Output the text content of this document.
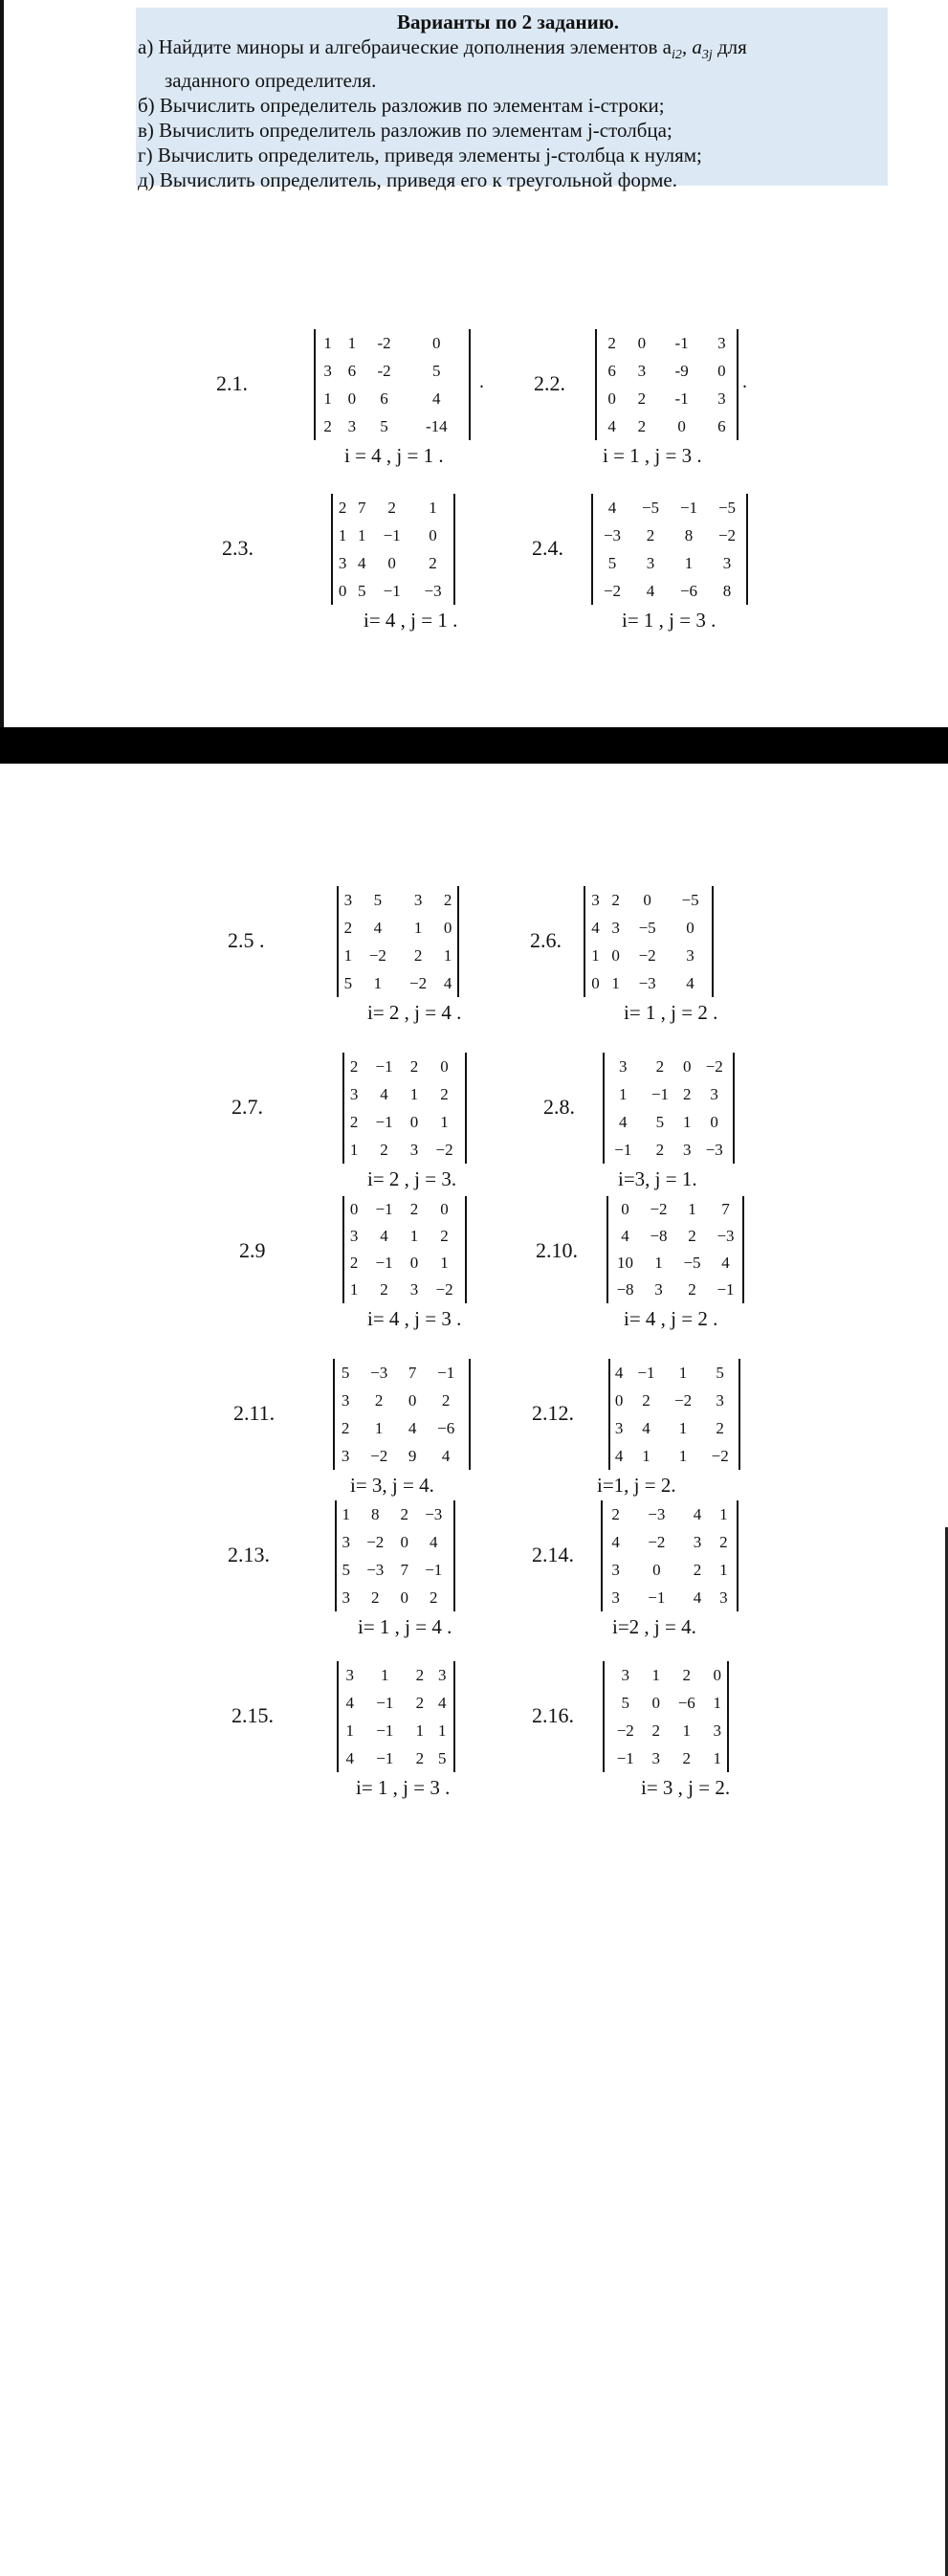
Варианты по 2 заданию.
а) Найдите миноры и алгебраические дополнения элементов $a_{i2}$, $a_{3j}$ для
заданного определителя.
б) Вычислить определитель разложив по элементам i-строки;
в) Вычислить определитель разложив по элементам j-столбца;
г) Вычислить определитель, приведя элементы j-столбца к нулям;
д) Вычислить определитель, приведя его к треугольной форме.
.	.
2.1.
1	1	-2	0
3	6	-2	5
1	0	6	4
2	3	5	-14
i = 4 , j = 1 .
2.2.
2	0	-1	3
6	3	-9	0
0	2	-1	3
4	2	0	6
i = 1 , j = 3 .
2.3.
2	7	2	1
1	1	−1	0
3	4	0	2
0	5	−1	−3
i= 4 , j = 1 .
2.4.
4	−5	−1	−5
−3	2	8	−2
5	3	1	3
−2	4	−6	8
i= 1 , j = 3 .
2.5 .
3	5	3	2
2	4	1	0
1	−2	2	1
5	1	−2	4
i= 2 , j = 4 .
2.6.
3	2	0	−5
4	3	−5	0
1	0	−2	3
0	1	−3	4
i= 1 , j = 2 .
2.7.
2	−1	2	0
3	4	1	2
2	−1	0	1
1	2	3	−2
i= 2 , j = 3.
2.8.
3	2	0	−2
1	−1	2	3
4	5	1	0
−1	2	3	−3
i=3, j = 1.
2.9
0	−1	2	0
3	4	1	2
2	−1	0	1
1	2	3	−2
i= 4 , j = 3 .
2.10.
0	−2	1	7
4	−8	2	−3
10	1	−5	4
−8	3	2	−1
i= 4 , j = 2 .
2.11.
5	−3	7	−1
3	2	0	2
2	1	4	−6
3	−2	9	4
i= 3, j = 4.
2.12.
4	−1	1	5
0	2	−2	3
3	4	1	2
4	1	1	−2
i=1, j = 2.
2.13.
1	8	2	−3
3	−2	0	4
5	−3	7	−1
3	2	0	2
i= 1 , j = 4 .
2.14.
2	−3	4	1
4	−2	3	2
3	0	2	1
3	−1	4	3
i=2 , j = 4.
2.15.
3	1	2	3
4	−1	2	4
1	−1	1	1
4	−1	2	5
i= 1 , j = 3 .
2.16.
3	1	2	0
5	0	−6	1
−2	2	1	3
−1	3	2	1
i= 3 , j = 2.
